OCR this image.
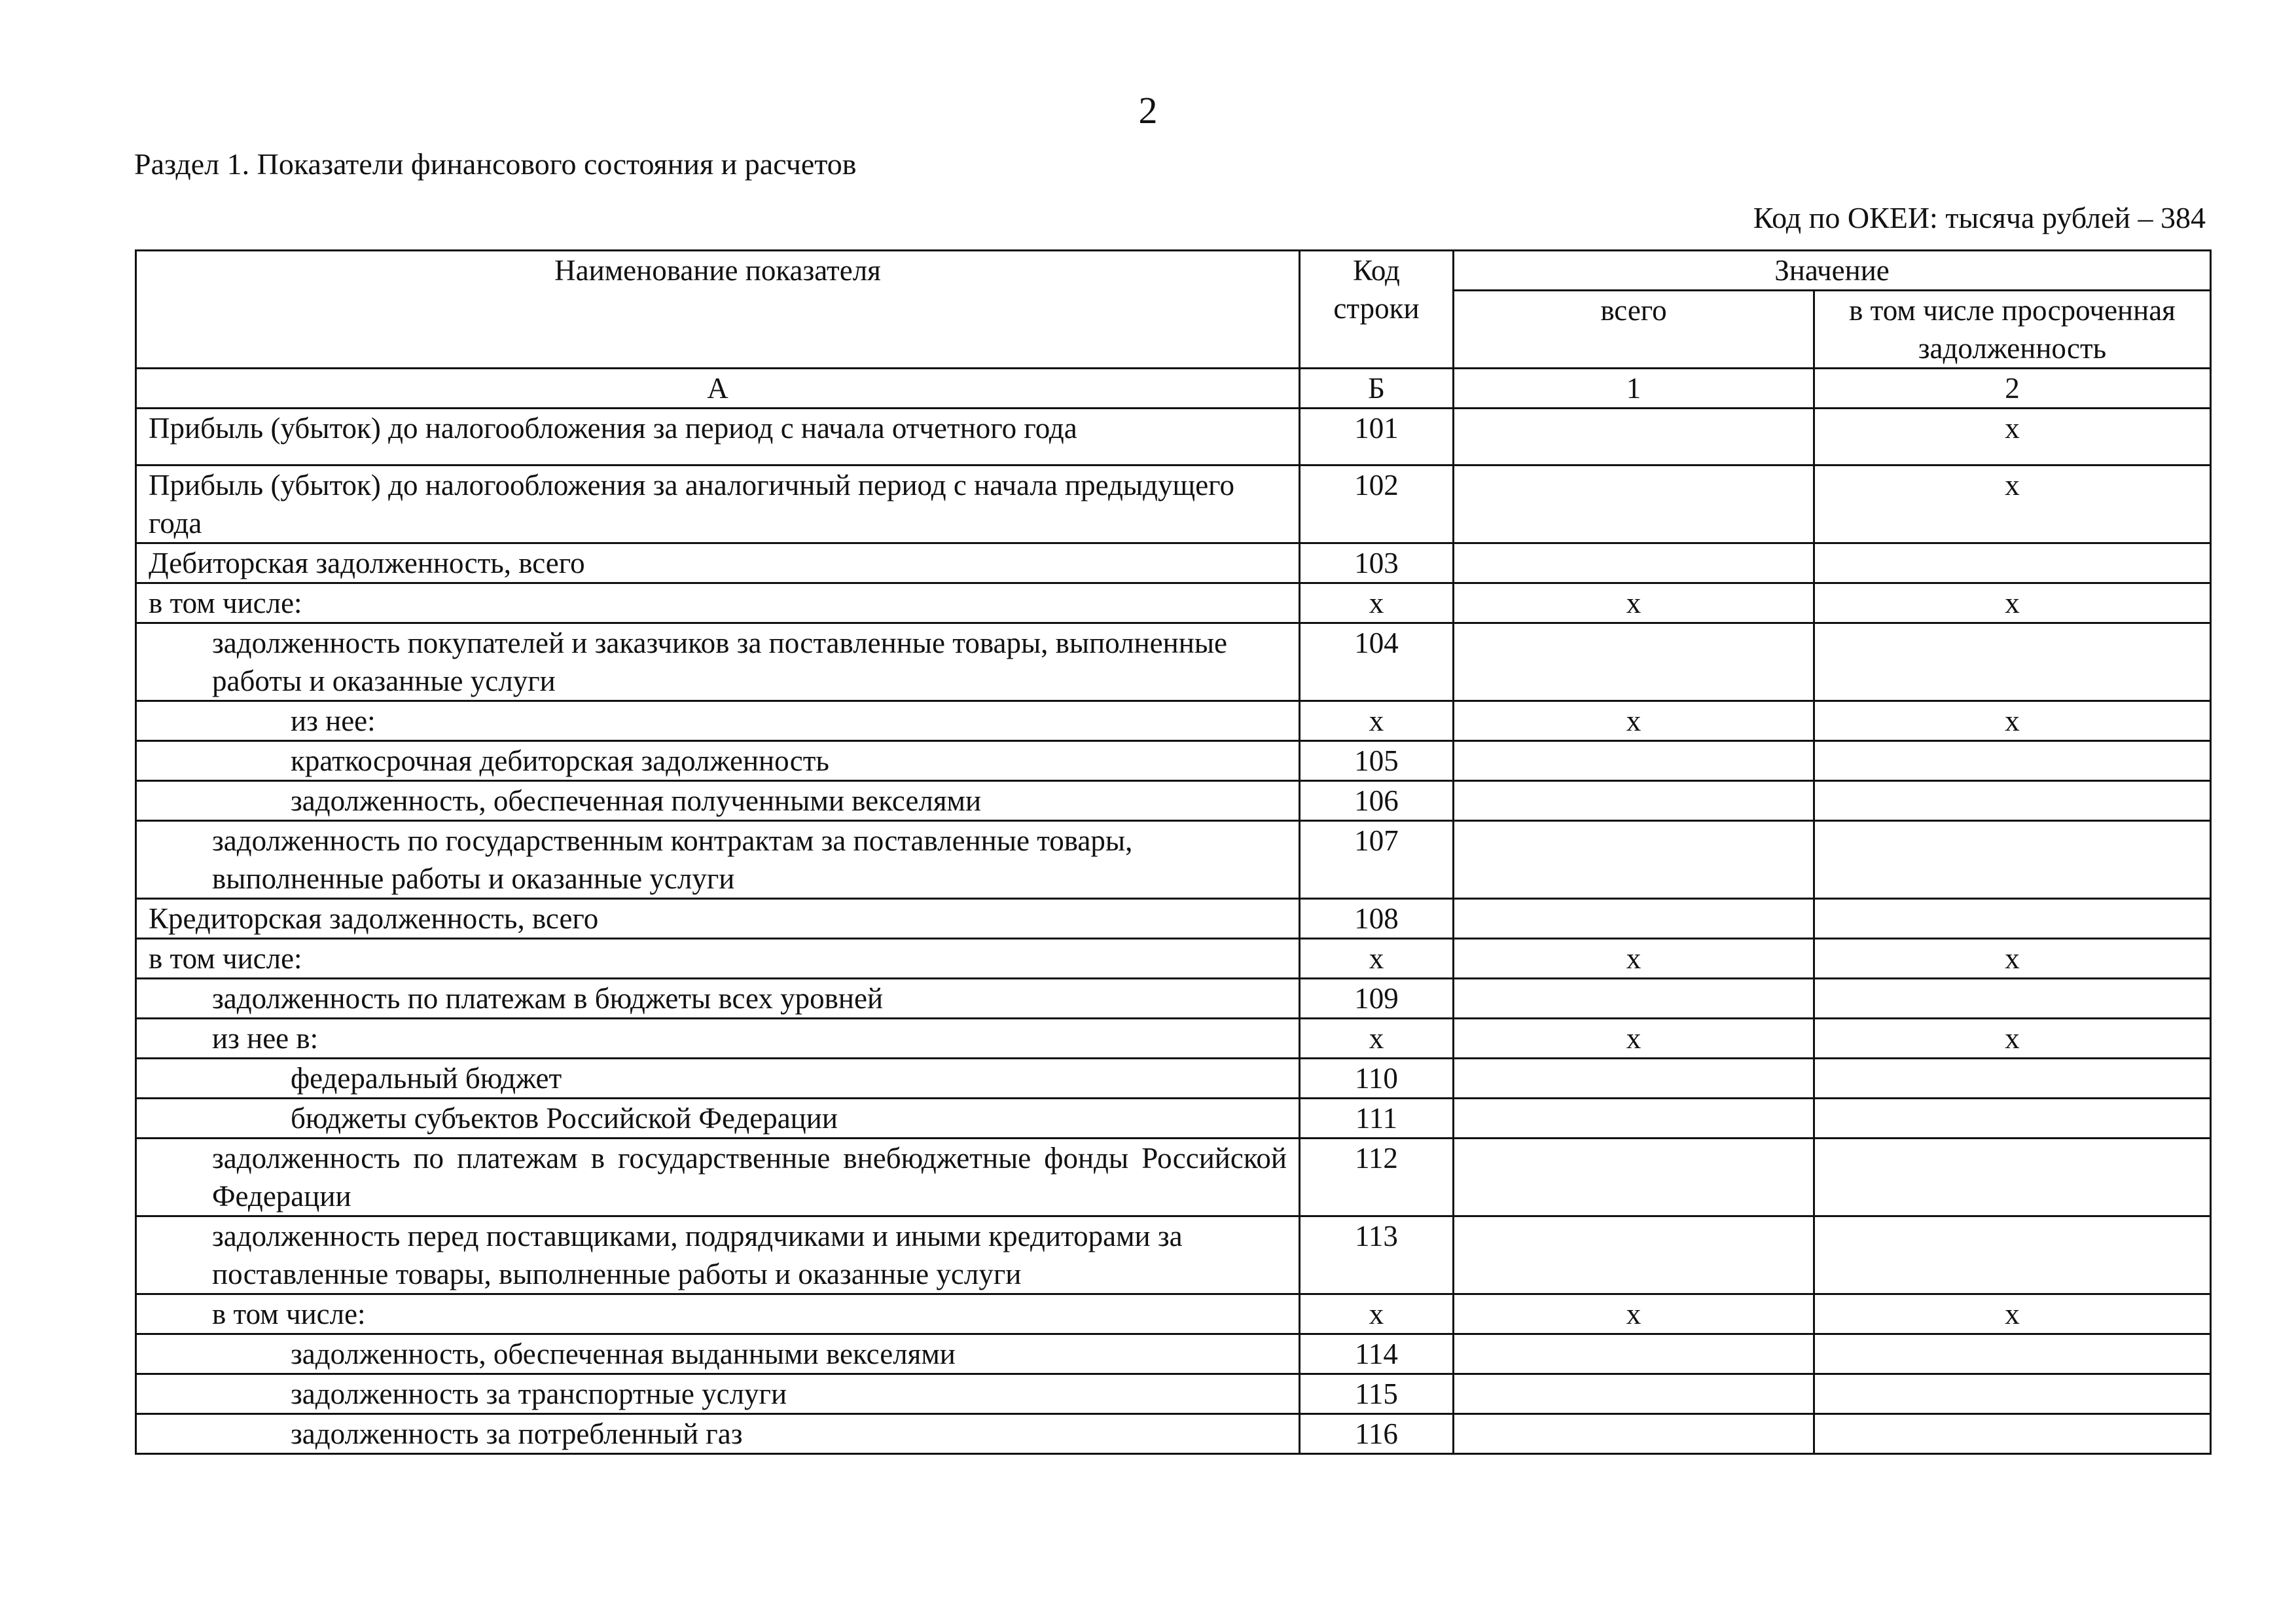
2
Раздел 1. Показатели финансового состояния и расчетов
Код по ОКЕИ: тысяча рублей – 384
Наименование показателя	Код строки	Значение	
		всего	в том числе просроченная задолженность
А	Б	1	2
Прибыль (убыток) до налогообложения за период с начала отчетного года	101		x
Прибыль (убыток) до налогообложения за аналогичный период с начала предыдущего года	102		x
Дебиторская задолженность, всего	103		
в том числе:	x	x	x
задолженность покупателей и заказчиков за поставленные товары, выполненные работы и оказанные услуги	104		
из нее:	x	x	x
краткосрочная дебиторская задолженность	105		
задолженность, обеспеченная полученными векселями	106		
задолженность по государственным контрактам за поставленные товары, выполненные работы и оказанные услуги	107		
Кредиторская задолженность, всего	108		
в том числе:	x	x	x
задолженность по платежам в бюджеты всех уровней	109		
из нее в:	x	x	x
федеральный бюджет	110		
бюджеты субъектов Российской Федерации	111		
задолженность по платежам в государственные внебюджетные фонды Российской Федерации	112		
задолженность перед поставщиками, подрядчиками и иными кредиторами за поставленные товары, выполненные работы и оказанные услуги	113		
в том числе:	x	x	x
задолженность, обеспеченная выданными векселями	114		
задолженность за транспортные услуги	115		
задолженность за потребленный газ	116		
